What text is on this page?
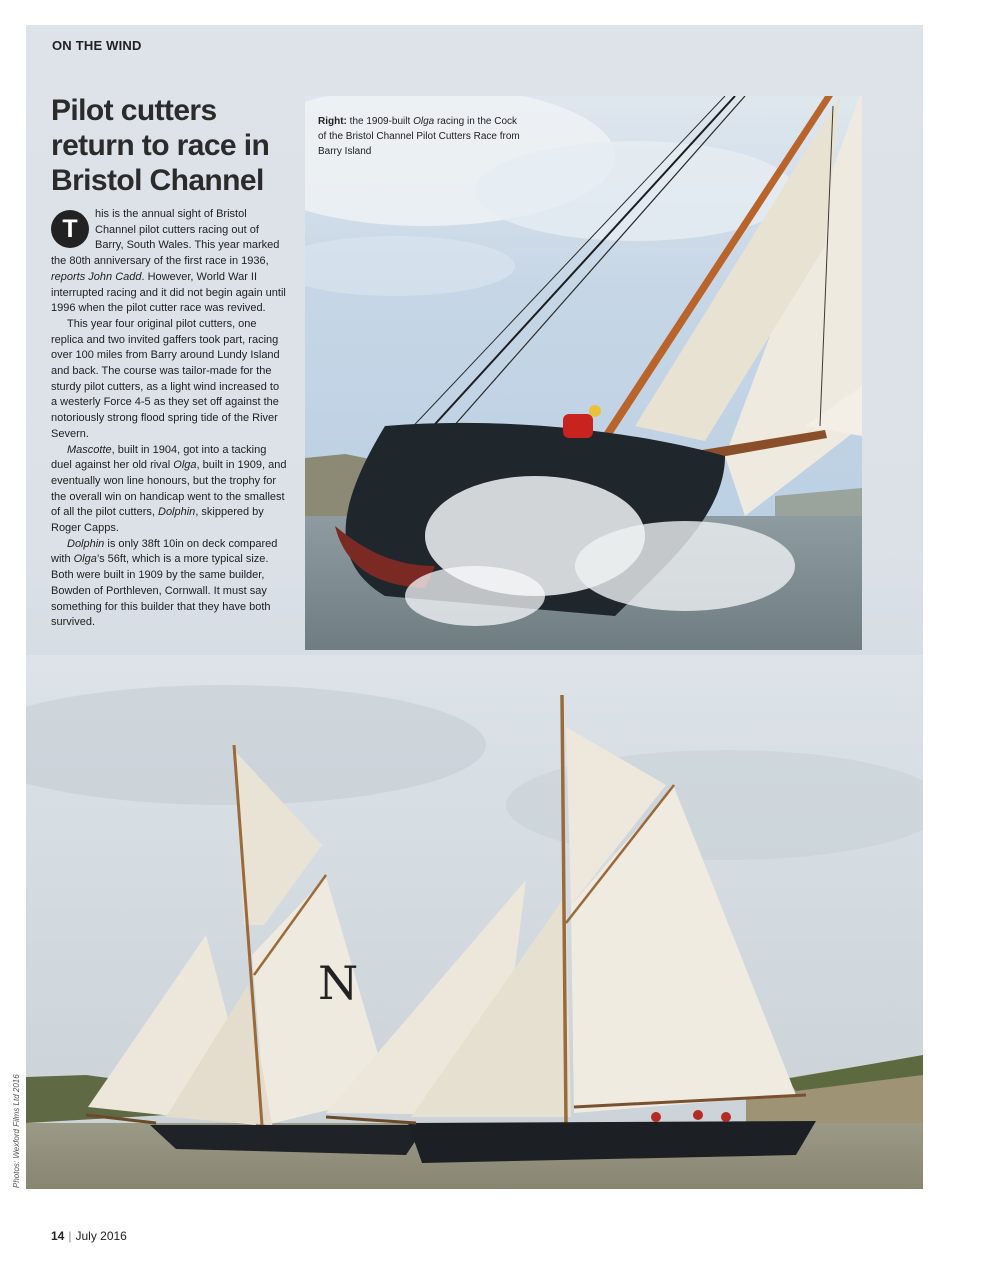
ON THE WIND
Pilot cutters return to race in Bristol Channel
T

his is the annual sight of Bristol Channel pilot cutters racing out of Barry, South Wales. This year marked the 80th anniversary of the first race in 1936, reports John Cadd. However, World War II interrupted racing and it did not begin again until 1996 when the pilot cutter race was revived.

This year four original pilot cutters, one replica and two invited gaffers took part, racing over 100 miles from Barry around Lundy Island and back. The course was tailor-made for the sturdy pilot cutters, as a light wind increased to a westerly Force 4-5 as they set off against the notoriously strong flood spring tide of the River Severn.

Mascotte, built in 1904, got into a tacking duel against her old rival Olga, built in 1909, and eventually won line honours, but the trophy for the overall win on handicap went to the smallest of all the pilot cutters, Dolphin, skippered by Roger Capps.

Dolphin is only 38ft 10in on deck compared with Olga’s 56ft, which is a more typical size. Both were built in 1909 by the same builder, Bowden of Porthleven, Cornwall. It must say something for this builder that they have both survived.

Right: the 1909-built Olga racing in the Cock of the Bristol Channel Pilot Cutters Race from Barry Island
N
Photos: Wexford Films Ltd 2016
14 | July 2016
